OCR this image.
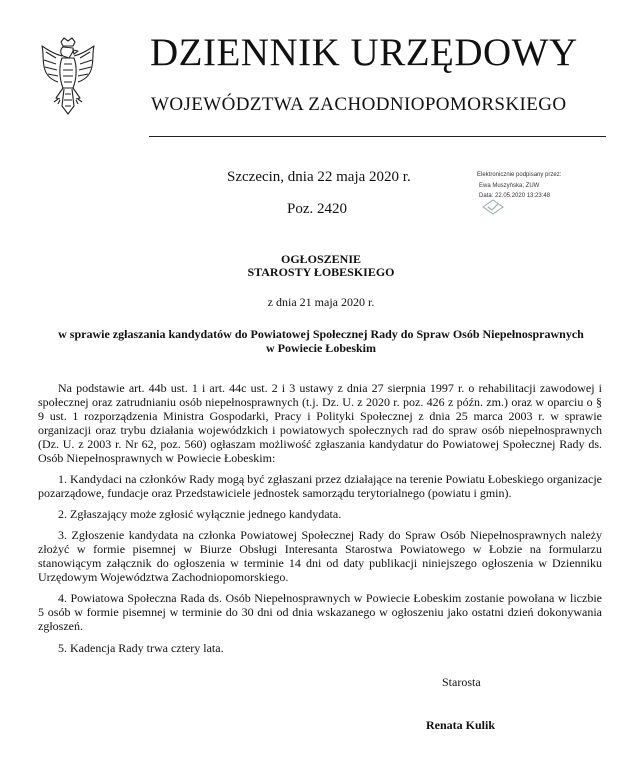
DZIENNIK URZĘDOWY
WOJEWÓDZTWA ZACHODNIOPOMORSKIEGO
Szczecin, dnia 22 maja 2020 r.
Poz. 2420
Elektronicznie podpisany przez:
Ewa Muszyńska; ZUW
Data: 22.05.2020 13:23:48
OGŁOSZENIE
STAROSTY ŁOBESKIEGO
z dnia 21 maja 2020 r.
w sprawie zgłaszania kandydatów do Powiatowej Społecznej Rady do Spraw Osób Niepełnosprawnych
w Powiecie Łobeskim

Na podstawie art. 44b ust. 1 i art. 44c ust. 2 i 3 ustawy z dnia 27 sierpnia 1997 r. o rehabilitacji zawodowej i społecznej oraz zatrudnianiu osób niepełnosprawnych (t.j. Dz. U. z 2020 r. poz. 426 z późn. zm.) oraz w oparciu o § 9 ust. 1 rozporządzenia Ministra Gospodarki, Pracy i Polityki Społecznej z dnia 25 marca 2003 r. w sprawie organizacji oraz trybu działania wojewódzkich i powiatowych społecznych rad do spraw osób niepełnosprawnych (Dz. U. z 2003 r. Nr 62, poz. 560) ogłaszam możliwość zgłaszania kandydatur do Powiatowej Społecznej Rady ds. Osób Niepełnosprawnych w Powiecie Łobeskim:

1. Kandydaci na członków Rady mogą być zgłaszani przez działające na terenie Powiatu Łobeskiego organizacje pozarządowe, fundacje oraz Przedstawiciele jednostek samorządu terytorialnego (powiatu i gmin).

2. Zgłaszający może zgłosić wyłącznie jednego kandydata.

3. Zgłoszenie kandydata na członka Powiatowej Społecznej Rady do Spraw Osób Niepełnosprawnych należy złożyć w formie pisemnej w Biurze Obsługi Interesanta Starostwa Powiatowego w Łobzie na formularzu stanowiącym załącznik do ogłoszenia w terminie 14 dni od daty publikacji niniejszego ogłoszenia w Dzienniku Urzędowym Województwa Zachodniopomorskiego.

4. Powiatowa Społeczna Rada ds. Osób Niepełnosprawnych w Powiecie Łobeskim zostanie powołana w liczbie 5 osób w formie pisemnej w terminie do 30 dni od dnia wskazanego w ogłoszeniu jako ostatni dzień dokonywania zgłoszeń.

5. Kadencja Rady trwa cztery lata.

Starosta
Renata Kulik
